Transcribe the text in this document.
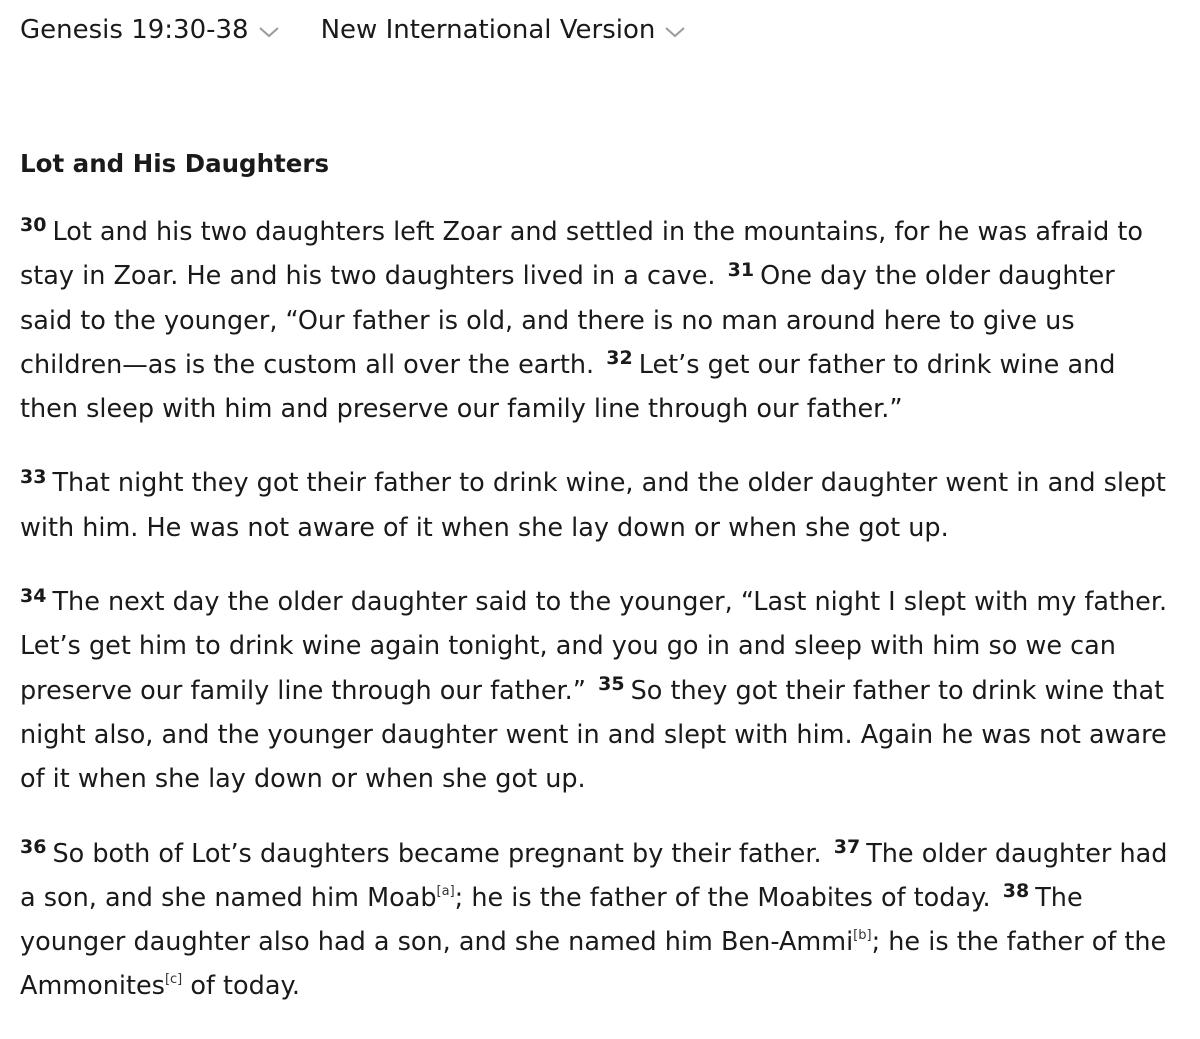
Genesis 19:30-38	New International Version
Lot and His Daughters

$^{30}$ Lot and his two daughters left Zoar and settled in the mountains, for he was afraid to stay in Zoar. He and his two daughters lived in a cave. $^{31}$ One day the older daughter said to the younger, “Our father is old, and there is no man around here to give us children—as is the custom all over the earth. $^{32}$ Let’s get our father to drink wine and then sleep with him and preserve our family line through our father.”

$^{33}$ That night they got their father to drink wine, and the older daughter went in and slept with him. He was not aware of it when she lay down or when she got up.

$^{34}$ The next day the older daughter said to the younger, “Last night I slept with my father. Let’s get him to drink wine again tonight, and you go in and sleep with him so we can preserve our family line through our father.” $^{35}$ So they got their father to drink wine that night also, and the younger daughter went in and slept with him. Again he was not aware of it when she lay down or when she got up.

$^{36}$ So both of Lot’s daughters became pregnant by their father. $^{37}$ The older daughter had a son, and she named him Moab[a]; he is the father of the Moabites of today. $^{38}$ The younger daughter also had a son, and she named him Ben-Ammi[b]; he is the father of the Ammonites[c] of today.
